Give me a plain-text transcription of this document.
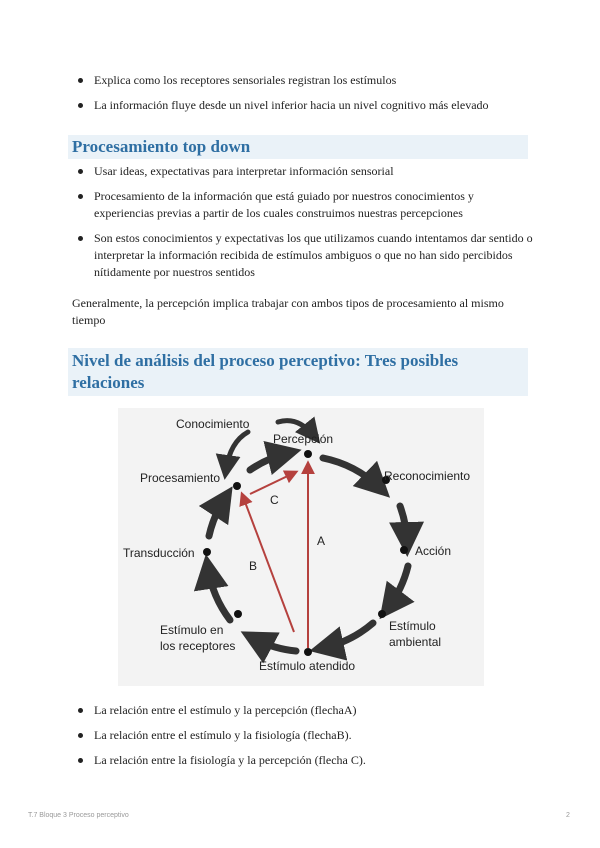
Explica como los receptores sensoriales registran los estímulos
La información fluye desde un nivel inferior hacia un nivel cognitivo más elevado
Procesamiento top down
Usar ideas, expectativas para interpretar información sensorial
Procesamiento de la información que está guiado por nuestros conocimientos y experiencias previas a partir de los cuales construimos nuestras percepciones
Son estos conocimientos y expectativas los que utilizamos cuando intentamos dar sentido o interpretar la información recibida de estímulos ambiguos o que no han sido percibidos nítidamente por nuestros sentidos
Generalmente, la percepción implica trabajar con ambos tipos de procesamiento al mismo tiempo
Nivel de análisis del proceso perceptivo: Tres posibles relaciones
Conocimiento
Percepción
Reconocimiento
Procesamiento
Acción
Transducción
Estímulo
ambiental
Estímulo en
los receptores
Estímulo atendido
A
B
C
La relación entre el estímulo y la percepción (flechaA)
La relación entre el estímulo y la fisiología (flechaB).
La relación entre la fisiología y la percepción (flecha C).
T.7 Bloque 3 Proceso perceptivo	2
